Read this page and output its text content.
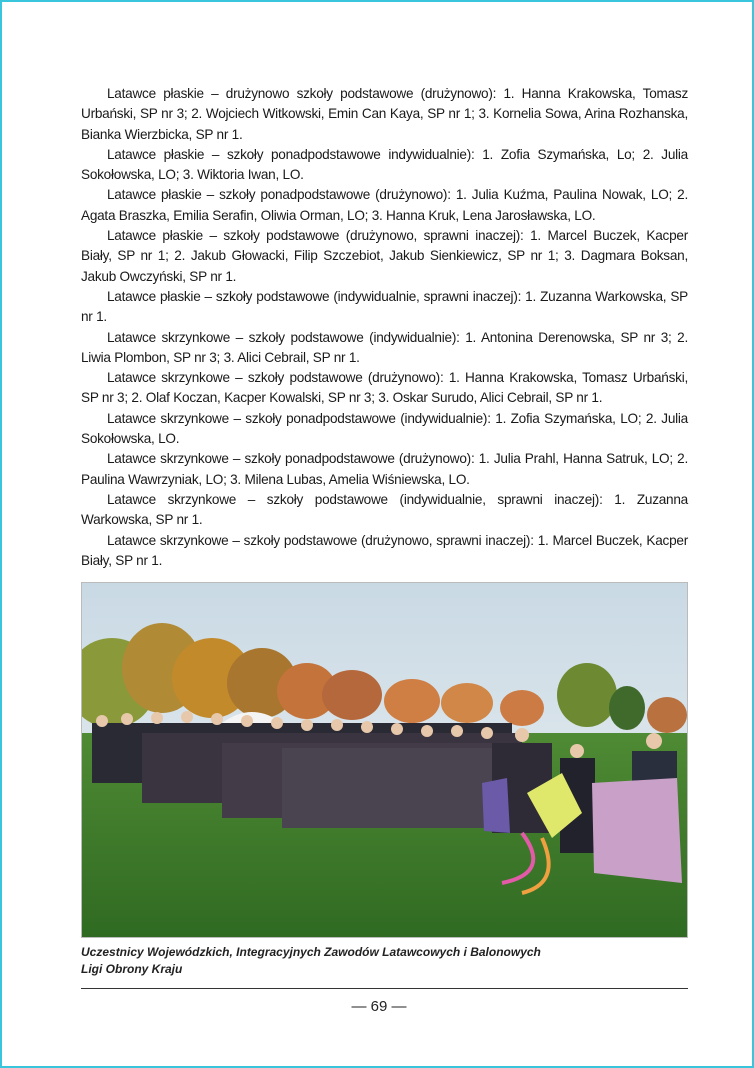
Latawce płaskie – drużynowo szkoły podstawowe (drużynowo): 1. Hanna Krakowska, Tomasz Urbański, SP nr 3; 2. Wojciech Witkowski, Emin Can Kaya, SP nr 1; 3. Kornelia Sowa, Arina Rozhanska, Bianka Wierzbicka, SP nr 1.

Latawce płaskie – szkoły ponadpodstawowe indywidualnie): 1. Zofia Szymańska, Lo; 2. Julia Sokołowska, LO; 3. Wiktoria Iwan, LO.

Latawce płaskie – szkoły ponadpodstawowe (drużynowo): 1. Julia Kuźma, Paulina Nowak, LO; 2. Agata Braszka, Emilia Serafin, Oliwia Orman, LO; 3. Hanna Kruk, Lena Jarosławska, LO.

Latawce płaskie – szkoły podstawowe (drużynowo, sprawni inaczej): 1. Marcel Buczek, Kacper Biały, SP nr 1; 2. Jakub Głowacki, Filip Szczebiot, Jakub Sienkiewicz, SP nr 1; 3. Dagmara Boksan, Jakub Owczyński, SP nr 1.

Latawce płaskie – szkoły podstawowe (indywidualnie, sprawni inaczej): 1. Zuzanna Warkowska, SP nr 1.

Latawce skrzynkowe – szkoły podstawowe (indywidualnie): 1. Antonina Derenowska, SP nr 3; 2. Liwia Plombon, SP nr 3; 3. Alici Cebrail, SP nr 1.

Latawce skrzynkowe – szkoły podstawowe (drużynowo): 1. Hanna Krakowska, Tomasz Urbański, SP nr 3; 2. Olaf Koczan, Kacper Kowalski, SP nr 3; 3. Oskar Surudo, Alici Cebrail, SP nr 1.

Latawce skrzynkowe – szkoły ponadpodstawowe (indywidualnie): 1. Zofia Szymańska, LO; 2. Julia Sokołowska, LO.

Latawce skrzynkowe – szkoły ponadpodstawowe (drużynowo): 1. Julia Prahl, Hanna Satruk, LO; 2. Paulina Wawrzyniak, LO; 3. Milena Lubas, Amelia Wiśniewska, LO.

Latawce skrzynkowe – szkoły podstawowe (indywidualnie, sprawni inaczej): 1. Zuzanna Warkowska, SP nr 1.

Latawce skrzynkowe – szkoły podstawowe (drużynowo, sprawni inaczej): 1. Marcel Buczek, Kacper Biały, SP nr 1.

Uczestnicy Wojewódzkich, Integracyjnych Zawodów Latawcowych i Balonowych
Ligi Obrony Kraju
— 69 —
